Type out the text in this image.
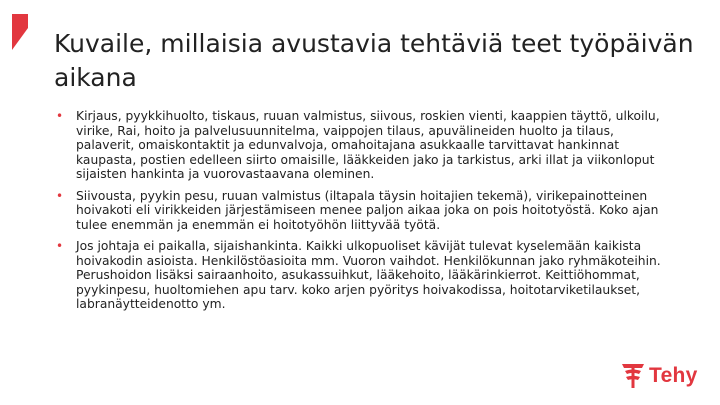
Kuvaile, millaisia avustavia tehtäviä teet työpäivän aikana
• Kirjaus, pyykkihuolto, tiskaus, ruuan valmistus, siivous, roskien vienti, kaappien täyttö, ulkoilu, virike, Rai, hoito ja palvelusuunnitelma, vaippojen tilaus, apuvälineiden huolto ja tilaus, palaverit, omaiskontaktit ja edunvalvoja, omahoitajana asukkaalle tarvittavat hankinnat kaupasta, postien edelleen siirto omaisille, lääkkeiden jako ja tarkistus, arki illat ja viikonloput sijaisten hankinta ja vuorovastaavana oleminen.
• Siivousta, pyykin pesu, ruuan valmistus (iltapala täysin hoitajien tekemä), virikepainotteinen hoivakoti eli virikkeiden järjestämiseen menee paljon aikaa joka on pois hoitotyöstä. Koko ajan tulee enemmän ja enemmän ei hoitotyöhön liittyvää työtä.
• Jos johtaja ei paikalla, sijaishankinta. Kaikki ulkopuoliset kävijät tulevat kyselemään kaikista hoivakodin asioista. Henkilöstöasioita mm. Vuoron vaihdot. Henkilökunnan jako ryhmäkoteihin. Perushoidon lisäksi sairaanhoito, asukassuihkut, lääkehoito, lääkärinkierrot. Keittiöhommat, pyykinpesu, huoltomiehen apu tarv. koko arjen pyöritys hoivakodissa, hoitotarviketilaukset, labranäytteidenotto ym.
Tehy
